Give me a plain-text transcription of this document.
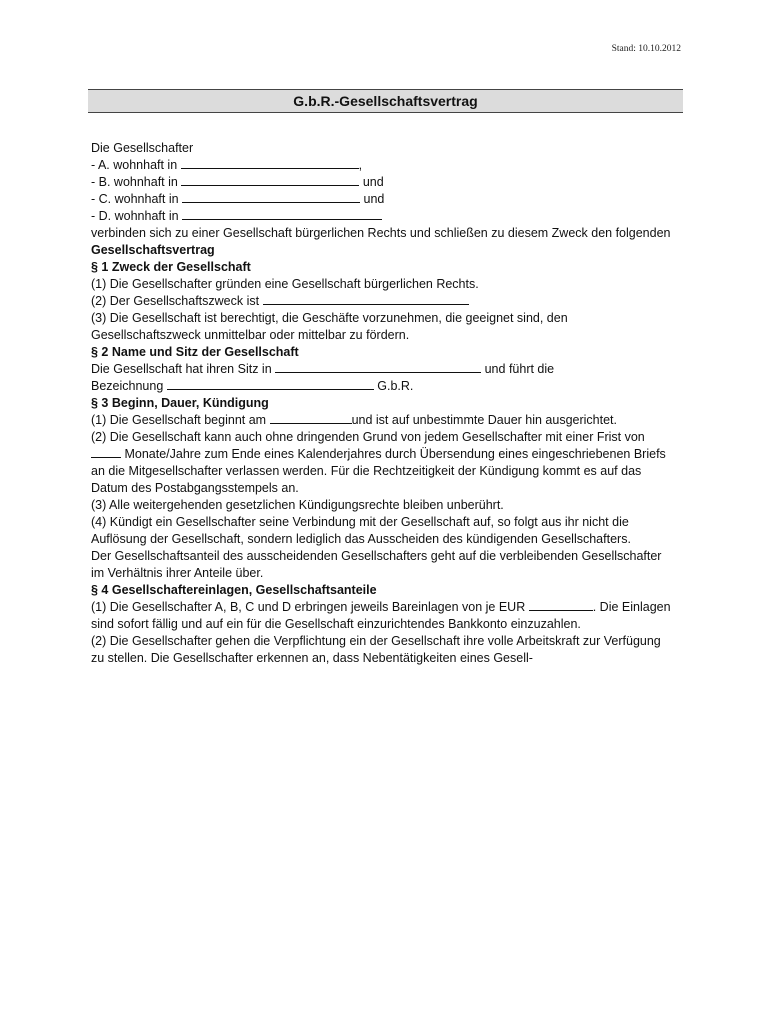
Stand: 10.10.2012
G.b.R.-Gesellschaftsvertrag

Die Gesellschafter

- A. wohnhaft in	,

- B. wohnhaft in	und

- C. wohnhaft in	und

- D. wohnhaft in

verbinden sich zu einer Gesellschaft bürgerlichen Rechts und schließen zu diesem Zweck den folgenden

Gesellschaftsvertrag

§ 1 Zweck der Gesellschaft

(1) Die Gesellschafter gründen eine Gesellschaft bürgerlichen Rechts.

(2) Der Gesellschaftszweck ist

(3) Die Gesellschaft ist berechtigt, die Geschäfte vorzunehmen, die geeignet sind, den Gesellschaftszweck unmittelbar oder mittelbar zu fördern.

§ 2 Name und Sitz der Gesellschaft

Die Gesellschaft hat ihren Sitz in	und führt die

Bezeichnung	G.b.R.

§ 3 Beginn, Dauer, Kündigung

(1) Die Gesellschaft beginnt am	und ist auf unbestimmte Dauer hin ausgerichtet.

(2) Die Gesellschaft kann auch ohne dringenden Grund von jedem Gesellschafter mit einer Frist von  Monate/Jahre zum Ende eines Kalenderjahres durch Übersendung eines eingeschriebenen Briefs an die Mitgesellschafter verlassen werden. Für die Rechtzeitigkeit der Kündigung kommt es auf das Datum des Postabgangsstempels an.

(3) Alle weitergehenden gesetzlichen Kündigungsrechte bleiben unberührt.

(4) Kündigt ein Gesellschafter seine Verbindung mit der Gesellschaft auf, so folgt aus ihr nicht die Auflösung der Gesellschaft, sondern lediglich das Ausscheiden des kündigenden Gesellschafters.

Der Gesellschaftsanteil des ausscheidenden Gesellschafters geht auf die verbleibenden Gesellschafter

im Verhältnis ihrer Anteile über.

§ 4 Gesellschaftereinlagen, Gesellschaftsanteile

(1) Die Gesellschafter A, B, C und D erbringen jeweils Bareinlagen von je EUR	. Die Einlagen sind sofort fällig und auf ein für die Gesellschaft einzurichtendes Bankkonto einzuzahlen.

(2) Die Gesellschafter gehen die Verpflichtung ein der Gesellschaft ihre volle Arbeitskraft zur Verfügung zu stellen. Die Gesellschafter erkennen an, dass Nebentätigkeiten eines Gesell-
